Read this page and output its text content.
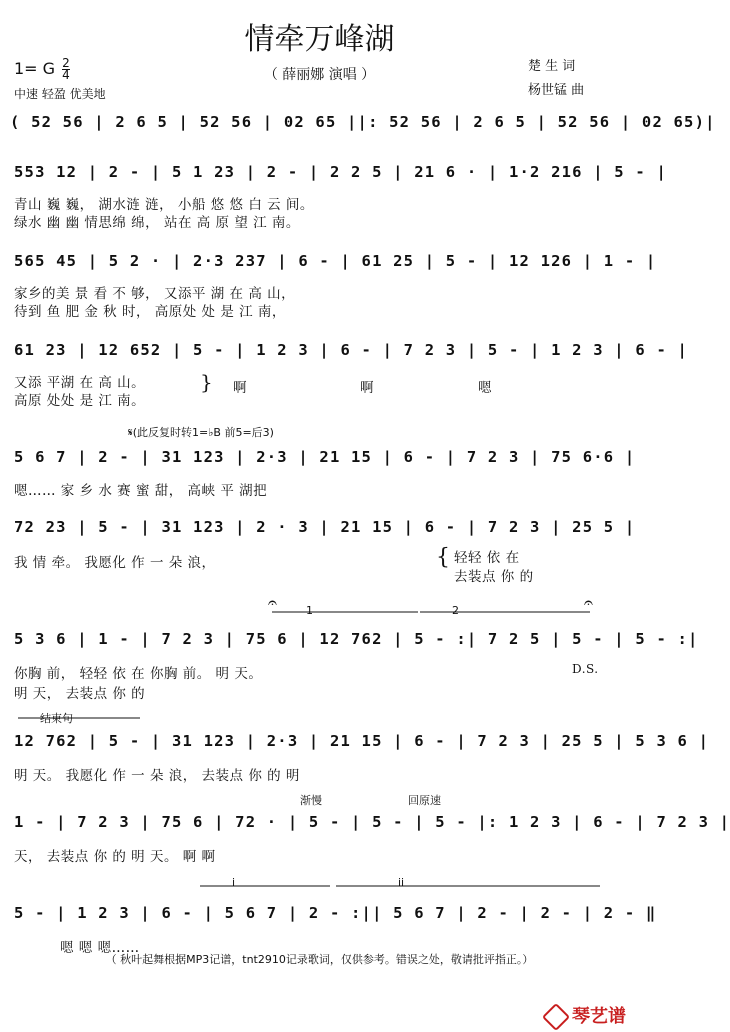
情牵万峰湖
（ 薛丽娜 演唱 ）
1= G $\frac{2}{4}$
中速 轻盈 优美地
楚 生 词
杨世锰 曲
( 52 56 | 2 6 5 | 52 56 | 02 65 ||: 52 56 | 2 6 5 | 52 56 | 02 65)|
553 12 | 2 - | 5 1 23 | 2 - | 2 2 5 | 21 6 · | 1·2 216 | 5 - |
青山 巍 巍， 湖水涟 涟， 小船 悠 悠 白 云 间。
绿水 幽 幽 情思绵 绵， 站在 高 原 望 江 南。
565 45 | 5 2 · | 2·3 237 | 6 - | 61 25 | 5 - | 12 126 | 1 - |
家乡的美 景 看 不 够， 又添平 湖 在 高 山，
待到 鱼 肥 金 秋 时， 高原处 处 是 江 南，
61 23 | 12 652 | 5 - | 1 2 3 | 6 - | 7 2 3 | 5 - | 1 2 3 | 6 - |
又添 平湖 在 高 山。
高原 处处 是 江 南。
} 啊	啊	嗯
𝄋(此反复时转1=♭B 前5=后3)
5 6 7 | 2 - | 31 123 | 2·3 | 21 15 | 6 - | 7 2 3 | 75 6·6 |
嗯…… 家 乡 水 赛 蜜 甜， 高峡 平 湖把
72 23 | 5 - | 31 123 | 2 · 3 | 21 15 | 6 - | 7 2 3 | 25 5 |
我 情 牵。 我愿化 作 一 朵 浪，	{ 轻轻 依 在
去装点 你 的
1	2
𝄐	𝄐
5 3 6 | 1 - | 7 2 3 | 75 6 | 12 762 | 5 - :| 7 2 5 | 5 - | 5 - :|
你胸 前， 轻轻 依 在 你胸 前。 明 天。
明 天， 去装点 你 的
D.S.
结束句
12 762 | 5 - | 31 123 | 2·3 | 21 15 | 6 - | 7 2 3 | 25 5 | 5 3 6 |
明 天。 我愿化 作 一 朵 浪， 去装点 你 的 明
渐慢	回原速
1 - | 7 2 3 | 75 6 | 72 · | 5 - | 5 - | 5 - |: 1 2 3 | 6 - | 7 2 3 |
天， 去装点 你 的 明 天。 啊 啊
i	ii
5 - | 1 2 3 | 6 - | 5 6 7 | 2 - :|| 5 6 7 | 2 - | 2 - | 2 - ‖
嗯 嗯 嗯……
（ 秋叶起舞根据MP3记谱，tnt2910记录歌词，仅供参考。错误之处，敬请批评指正。）
琴艺谱
